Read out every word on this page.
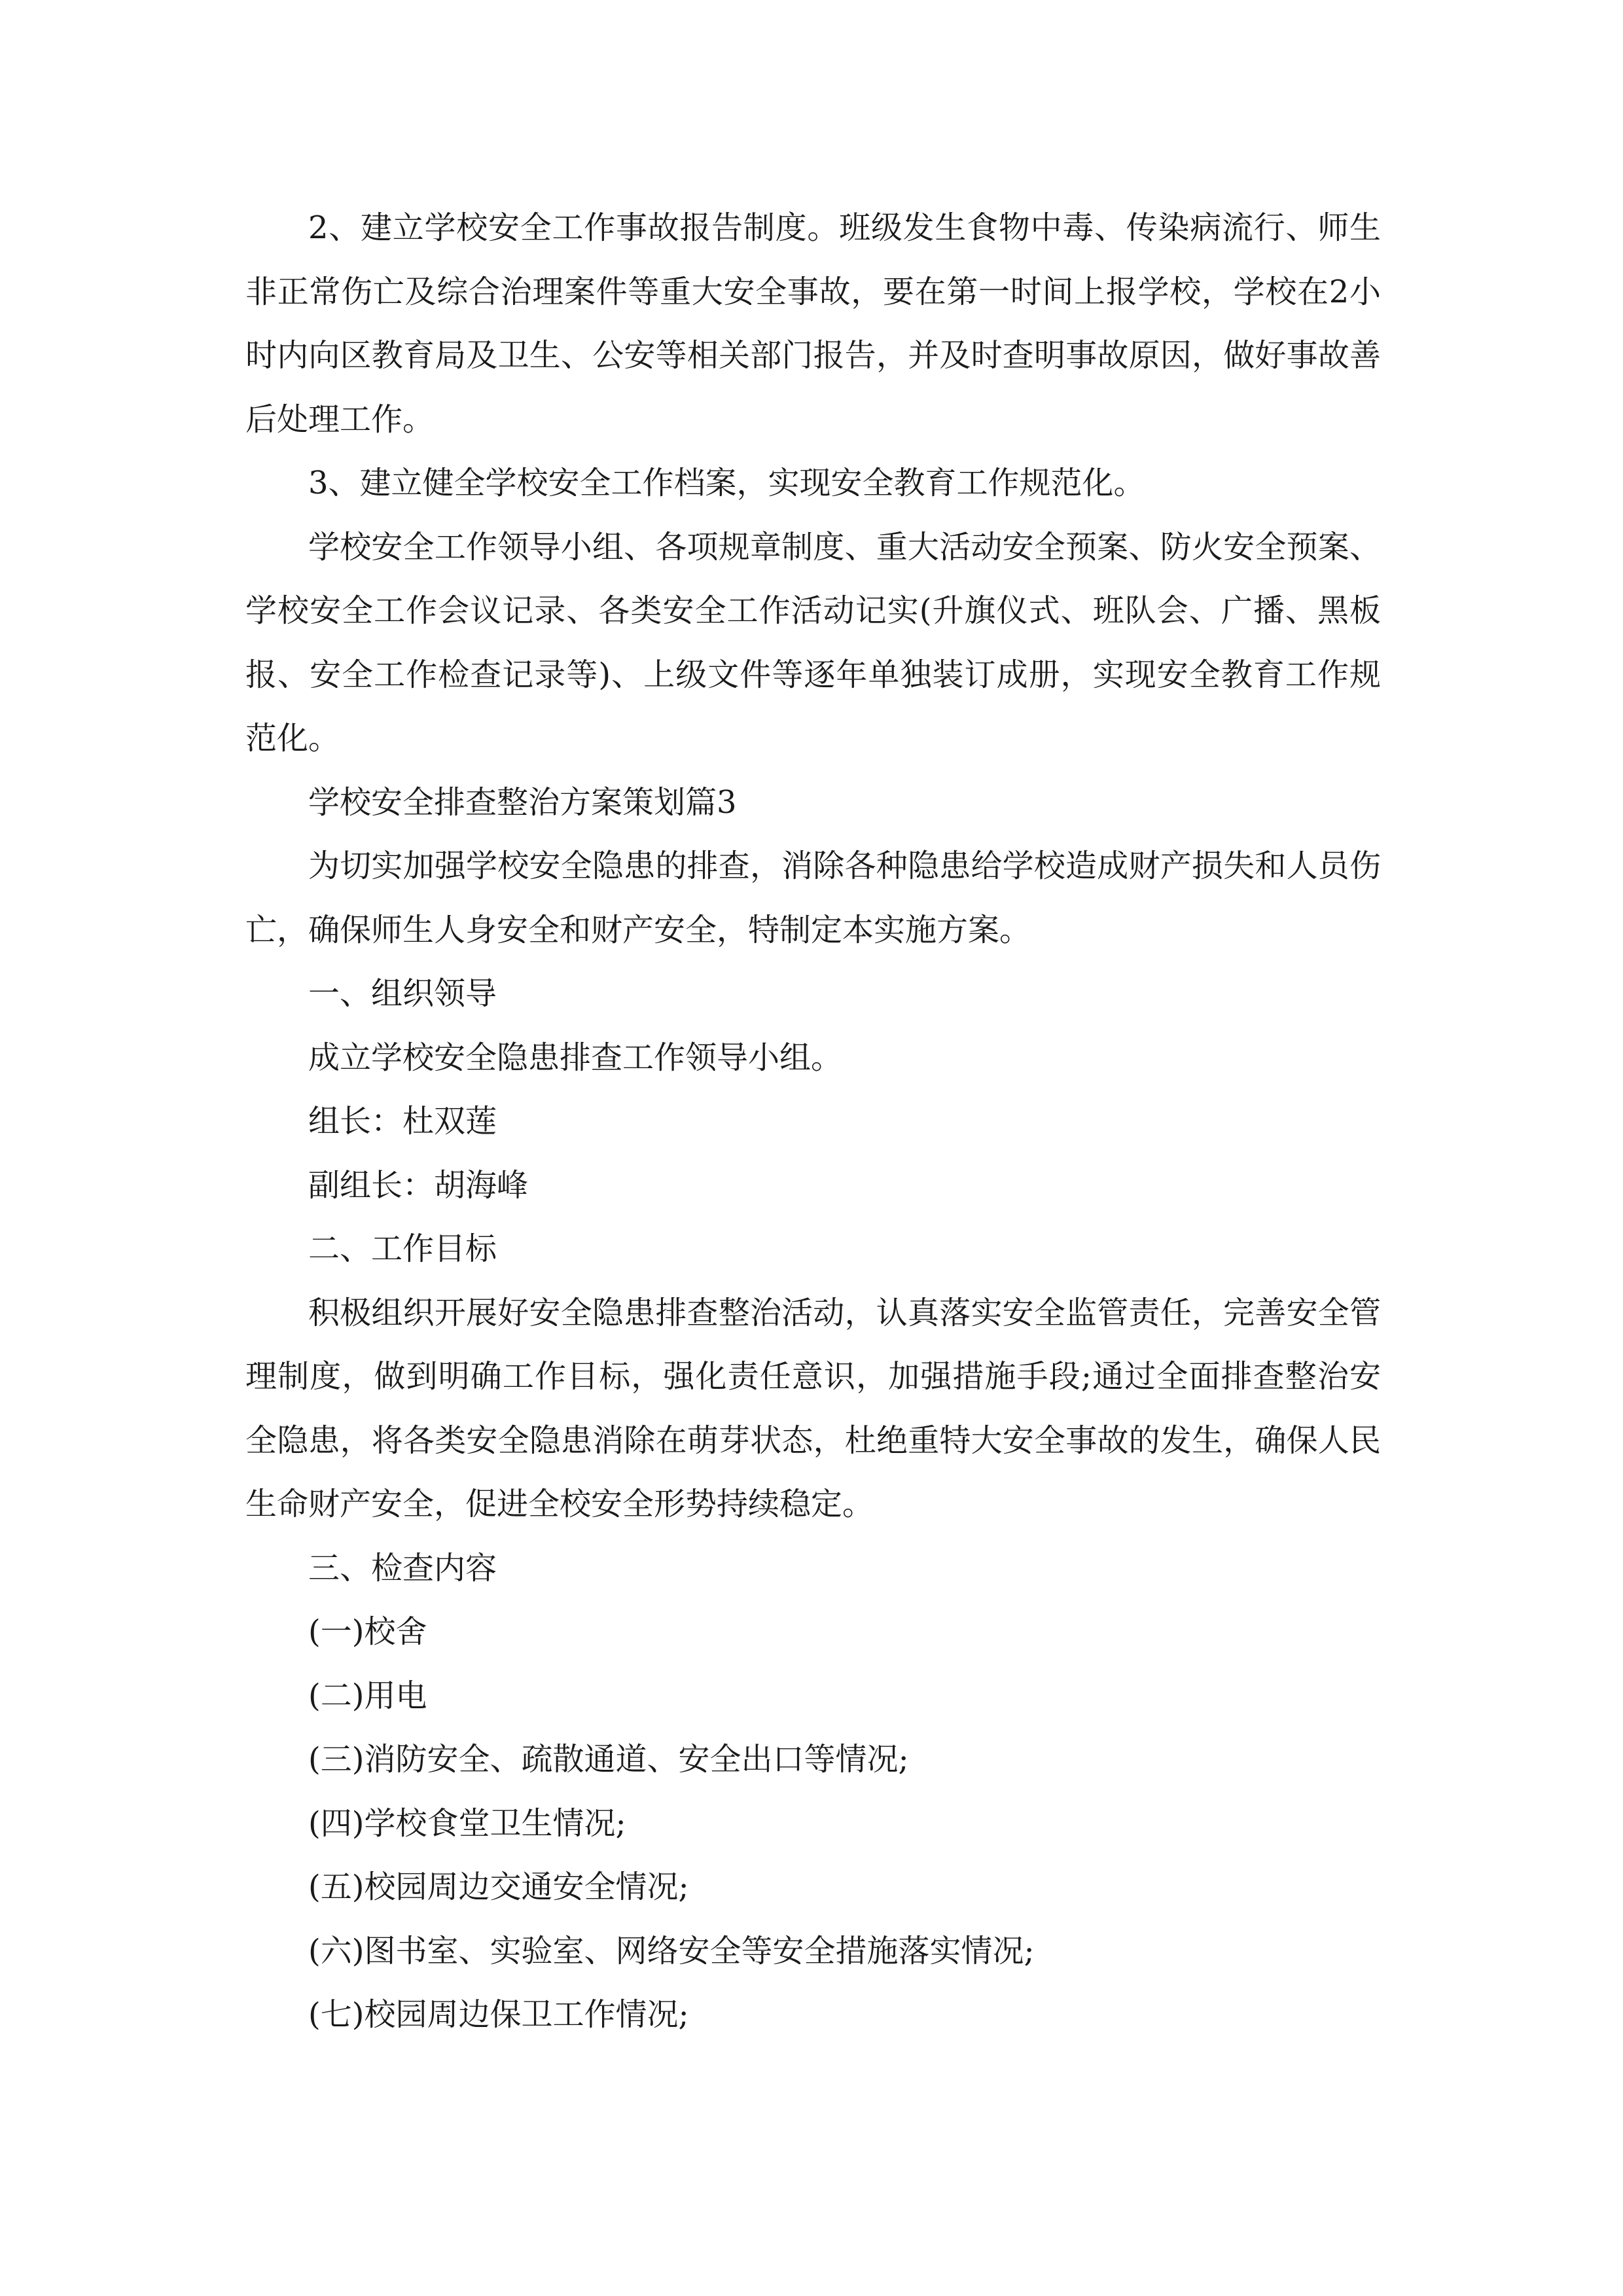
2、建立学校安全工作事故报告制度。班级发生食物中毒、传染病流行、师生非正常伤亡及综合治理案件等重大安全事故，要在第一时间上报学校，学校在2小时内向区教育局及卫生、公安等相关部门报告，并及时查明事故原因，做好事故善后处理工作。

3、建立健全学校安全工作档案，实现安全教育工作规范化。

学校安全工作领导小组、各项规章制度、重大活动安全预案、防火安全预案、学校安全工作会议记录、各类安全工作活动记实(升旗仪式、班队会、广播、黑板报、安全工作检查记录等)、上级文件等逐年单独装订成册，实现安全教育工作规范化。

学校安全排查整治方案策划篇3

为切实加强学校安全隐患的排查，消除各种隐患给学校造成财产损失和人员伤亡，确保师生人身安全和财产安全，特制定本实施方案。

一、组织领导

成立学校安全隐患排查工作领导小组。

组长：杜双莲

副组长：胡海峰

二、工作目标

积极组织开展好安全隐患排查整治活动，认真落实安全监管责任，完善安全管理制度，做到明确工作目标，强化责任意识，加强措施手段;通过全面排查整治安全隐患，将各类安全隐患消除在萌芽状态，杜绝重特大安全事故的发生，确保人民生命财产安全，促进全校安全形势持续稳定。

三、检查内容

(一)校舍

(二)用电

(三)消防安全、疏散通道、安全出口等情况;

(四)学校食堂卫生情况;

(五)校园周边交通安全情况;

(六)图书室、实验室、网络安全等安全措施落实情况;

(七)校园周边保卫工作情况;
